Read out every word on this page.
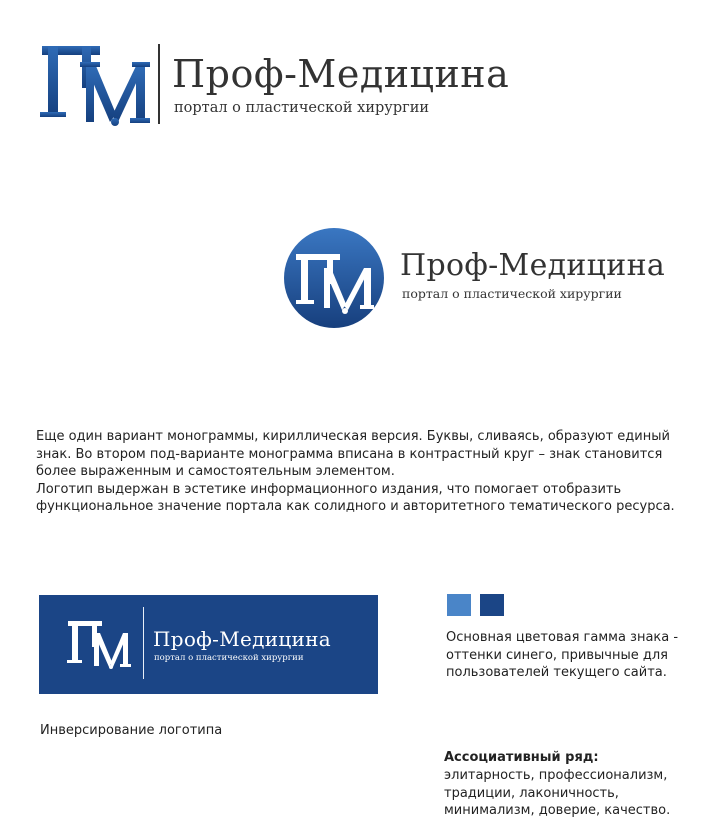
Проф-Медицина
портал о пластической хирургии
Проф-Медицина
портал о пластической хирургии

Еще один вариант монограммы, кириллическая версия. Буквы, сливаясь, образуют единый знак. Во втором под-варианте монограмма вписана в контрастный круг – знак становится более выраженным и самостоятельным элементом.

Логотип выдержан в эстетике информационного издания, что помогает отобразить функциональное значение портала как солидного и авторитетного тематического ресурса.

Проф-Медицина
портал о пластической хирургии
Инверсирование логотипа
Основная цветовая гамма знака - оттенки синего, привычные для пользователей текущего сайта.
Ассоциативный ряд:
элитарность, профессионализм, традиции, лаконичность, минимализм, доверие, качество.
